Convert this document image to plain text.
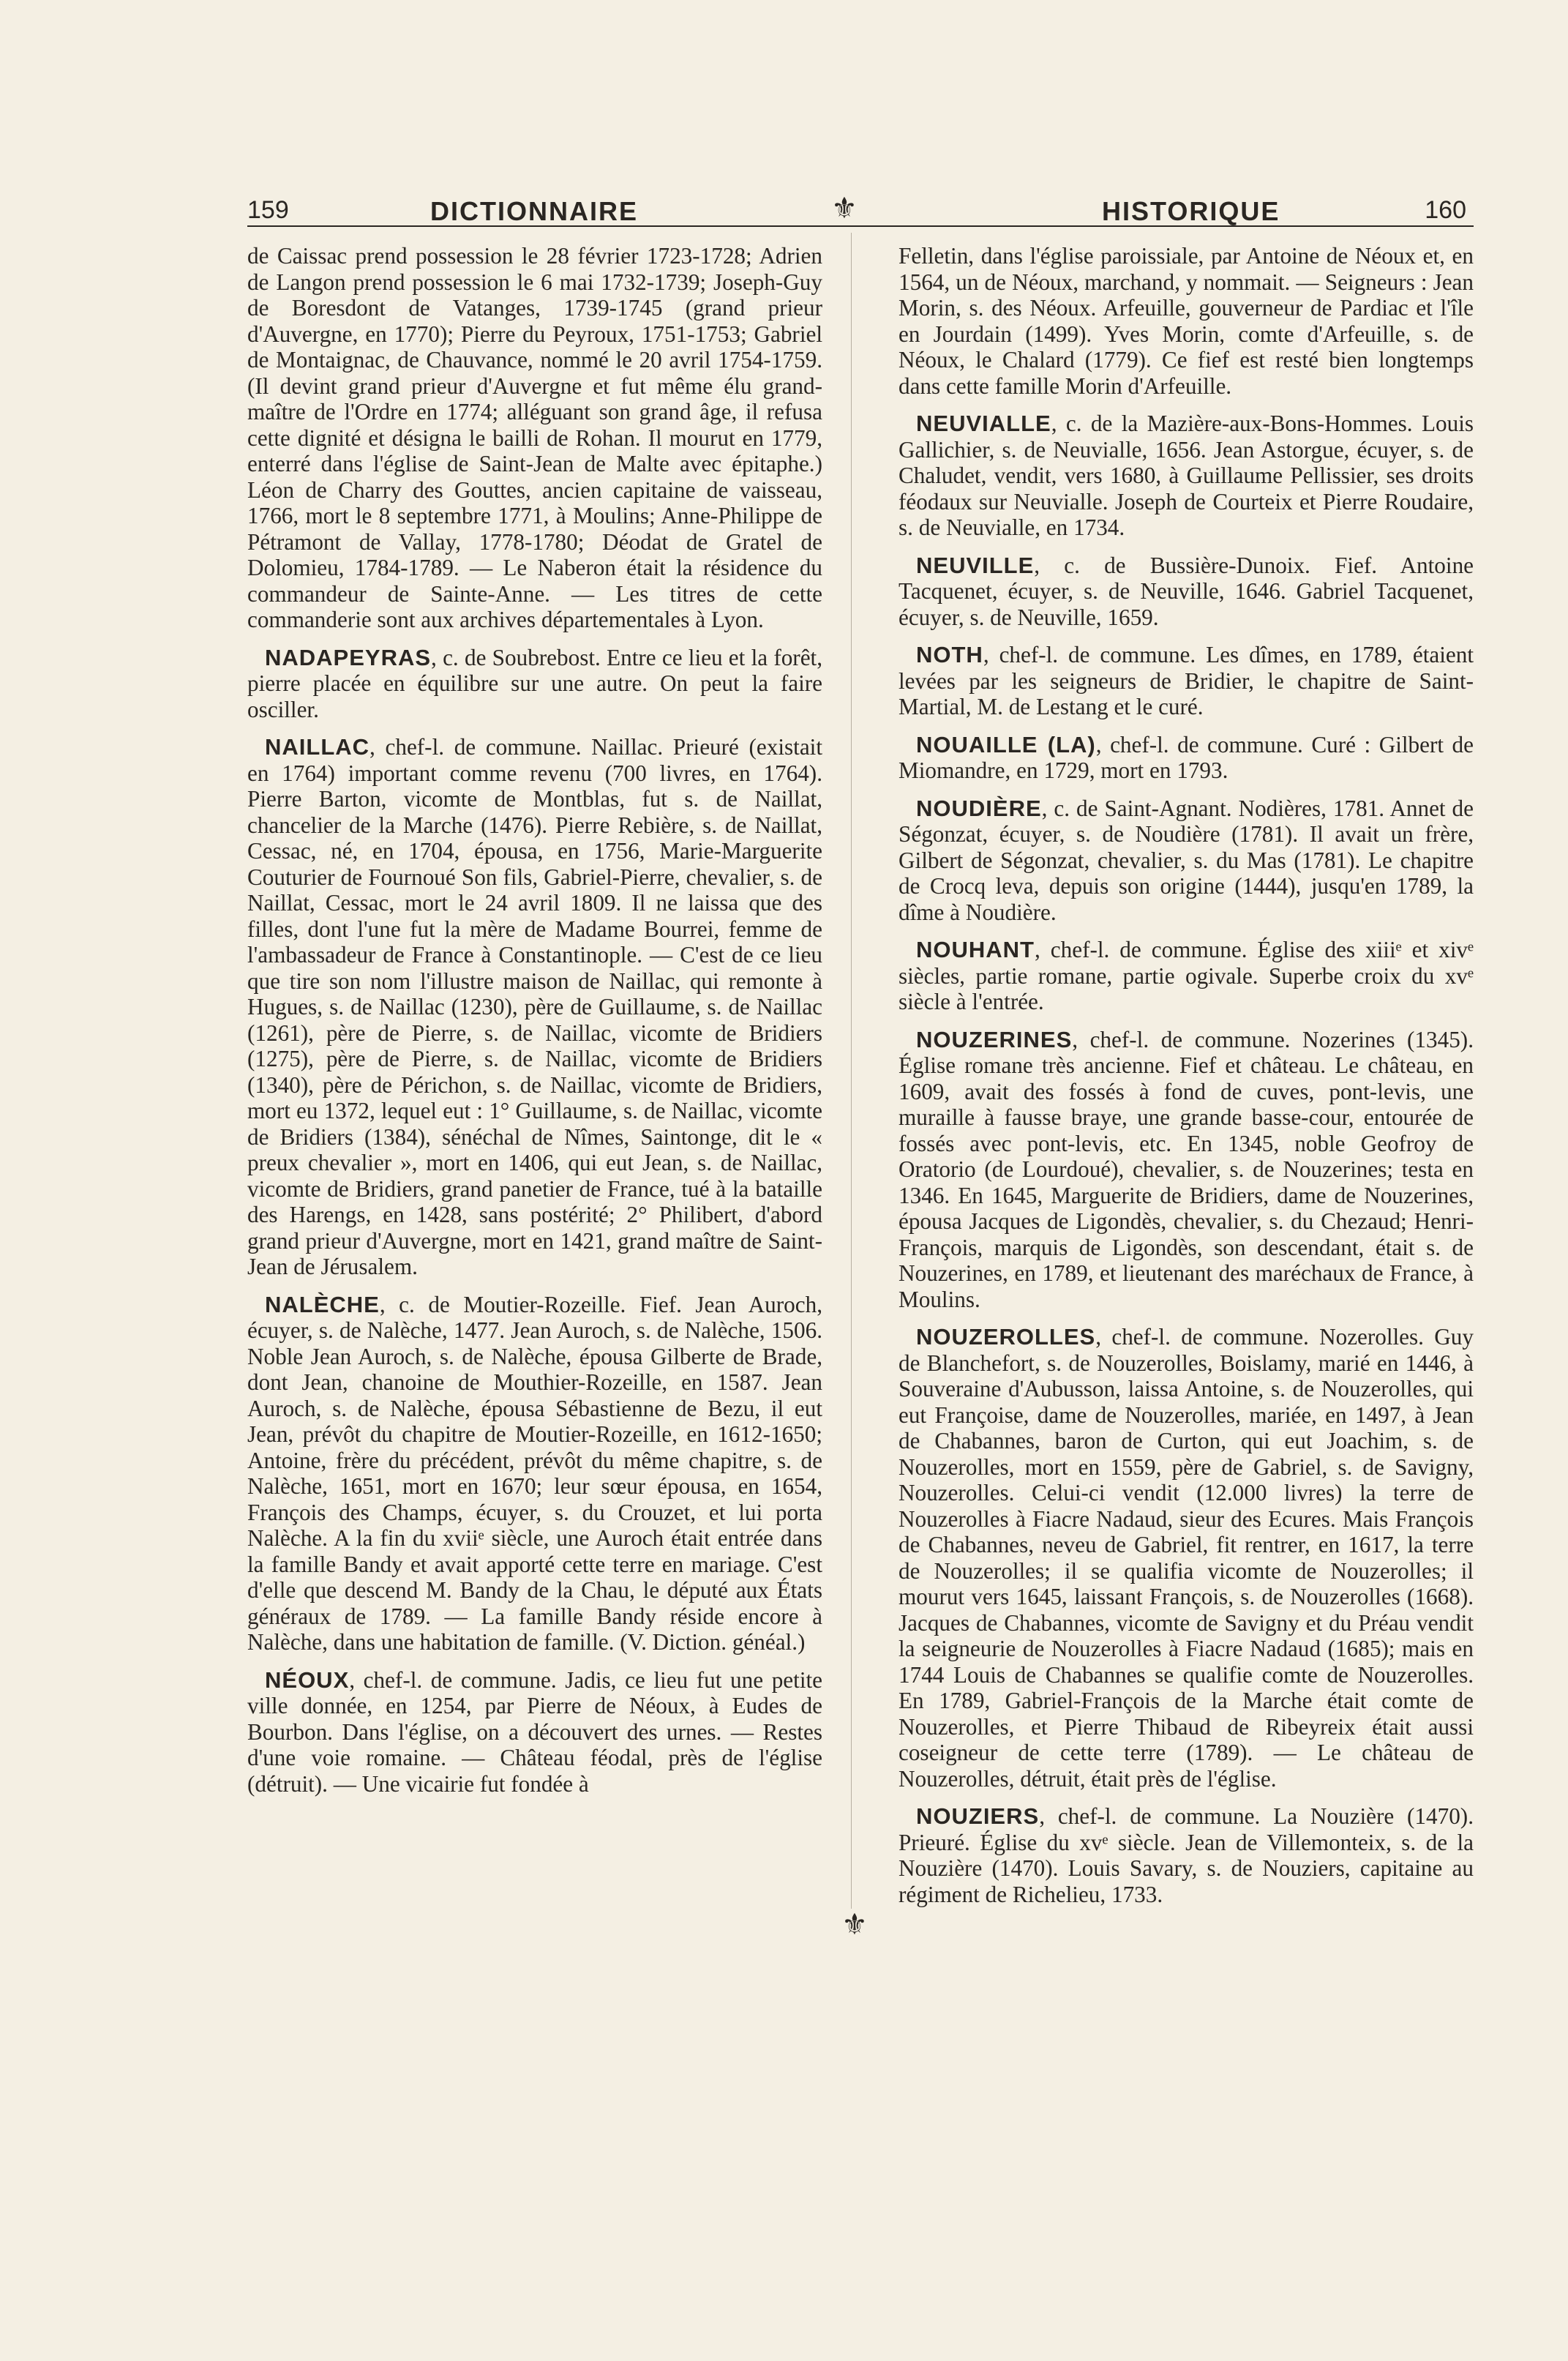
159	DICTIONNAIRE	⚜	HISTORIQUE	160

de Caissac prend possession le 28 février 1723-1728; Adrien de Langon prend possession le 6 mai 1732-1739; Joseph-Guy de Boresdont de Vatanges, 1739-1745 (grand prieur d'Auvergne, en 1770); Pierre du Peyroux, 1751-1753; Gabriel de Montaignac, de Chauvance, nommé le 20 avril 1754-1759. (Il devint grand prieur d'Auvergne et fut même élu grand-maître de l'Ordre en 1774; alléguant son grand âge, il refusa cette dignité et désigna le bailli de Rohan. Il mourut en 1779, enterré dans l'église de Saint-Jean de Malte avec épitaphe.) Léon de Charry des Gouttes, ancien capitaine de vaisseau, 1766, mort le 8 septembre 1771, à Moulins; Anne-Philippe de Pétramont de Vallay, 1778-1780; Déodat de Gratel de Dolomieu, 1784-1789. — Le Naberon était la résidence du commandeur de Sainte-Anne. — Les titres de cette commanderie sont aux archives départementales à Lyon.

NADAPEYRAS, c. de Soubrebost. Entre ce lieu et la forêt, pierre placée en équilibre sur une autre. On peut la faire osciller.

NAILLAC, chef-l. de commune. Naillac. Prieuré (existait en 1764) important comme revenu (700 livres, en 1764). Pierre Barton, vicomte de Montblas, fut s. de Naillat, chancelier de la Marche (1476). Pierre Rebière, s. de Naillat, Cessac, né, en 1704, épousa, en 1756, Marie-Marguerite Couturier de Fournoué Son fils, Gabriel-Pierre, chevalier, s. de Naillat, Cessac, mort le 24 avril 1809. Il ne laissa que des filles, dont l'une fut la mère de Madame Bourrei, femme de l'ambassadeur de France à Constantinople. — C'est de ce lieu que tire son nom l'illustre maison de Naillac, qui remonte à Hugues, s. de Naillac (1230), père de Guillaume, s. de Naillac (1261), père de Pierre, s. de Naillac, vicomte de Bridiers (1275), père de Pierre, s. de Naillac, vicomte de Bridiers (1340), père de Périchon, s. de Naillac, vicomte de Bridiers, mort eu 1372, lequel eut : 1° Guillaume, s. de Naillac, vicomte de Bridiers (1384), sénéchal de Nîmes, Saintonge, dit le « preux chevalier », mort en 1406, qui eut Jean, s. de Naillac, vicomte de Bridiers, grand panetier de France, tué à la bataille des Harengs, en 1428, sans postérité; 2° Philibert, d'abord grand prieur d'Auvergne, mort en 1421, grand maître de Saint-Jean de Jérusalem.

NALÈCHE, c. de Moutier-Rozeille. Fief. Jean Auroch, écuyer, s. de Nalèche, 1477. Jean Auroch, s. de Nalèche, 1506. Noble Jean Auroch, s. de Nalèche, épousa Gilberte de Brade, dont Jean, chanoine de Mouthier-Rozeille, en 1587. Jean Auroch, s. de Nalèche, épousa Sébastienne de Bezu, il eut Jean, prévôt du chapitre de Moutier-Rozeille, en 1612-1650; Antoine, frère du précédent, prévôt du même chapitre, s. de Nalèche, 1651, mort en 1670; leur sœur épousa, en 1654, François des Champs, écuyer, s. du Crouzet, et lui porta Nalèche. A la fin du xviiᵉ siècle, une Auroch était entrée dans la famille Bandy et avait apporté cette terre en mariage. C'est d'elle que descend M. Bandy de la Chau, le député aux États généraux de 1789. — La famille Bandy réside encore à Nalèche, dans une habitation de famille. (V. Diction. généal.)

NÉOUX, chef-l. de commune. Jadis, ce lieu fut une petite ville donnée, en 1254, par Pierre de Néoux, à Eudes de Bourbon. Dans l'église, on a découvert des urnes. — Restes d'une voie romaine. — Château féodal, près de l'église (détruit). — Une vicairie fut fondée à

Felletin, dans l'église paroissiale, par Antoine de Néoux et, en 1564, un de Néoux, marchand, y nommait. — Seigneurs : Jean Morin, s. des Néoux. Arfeuille, gouverneur de Pardiac et l'île en Jourdain (1499). Yves Morin, comte d'Arfeuille, s. de Néoux, le Chalard (1779). Ce fief est resté bien longtemps dans cette famille Morin d'Arfeuille.

NEUVIALLE, c. de la Mazière-aux-Bons-Hommes. Louis Gallichier, s. de Neuvialle, 1656. Jean Astorgue, écuyer, s. de Chaludet, vendit, vers 1680, à Guillaume Pellissier, ses droits féodaux sur Neuvialle. Joseph de Courteix et Pierre Roudaire, s. de Neuvialle, en 1734.

NEUVILLE, c. de Bussière-Dunoix. Fief. Antoine Tacquenet, écuyer, s. de Neuville, 1646. Gabriel Tacquenet, écuyer, s. de Neuville, 1659.

NOTH, chef-l. de commune. Les dîmes, en 1789, étaient levées par les seigneurs de Bridier, le chapitre de Saint-Martial, M. de Lestang et le curé.

NOUAILLE (LA), chef-l. de commune. Curé : Gilbert de Miomandre, en 1729, mort en 1793.

NOUDIÈRE, c. de Saint-Agnant. Nodières, 1781. Annet de Ségonzat, écuyer, s. de Noudière (1781). Il avait un frère, Gilbert de Ségonzat, chevalier, s. du Mas (1781). Le chapitre de Crocq leva, depuis son origine (1444), jusqu'en 1789, la dîme à Noudière.

NOUHANT, chef-l. de commune. Église des xiiiᵉ et xivᵉ siècles, partie romane, partie ogivale. Superbe croix du xvᵉ siècle à l'entrée.

NOUZERINES, chef-l. de commune. Nozerines (1345). Église romane très ancienne. Fief et château. Le château, en 1609, avait des fossés à fond de cuves, pont-levis, une muraille à fausse braye, une grande basse-cour, entourée de fossés avec pont-levis, etc. En 1345, noble Geofroy de Oratorio (de Lourdoué), chevalier, s. de Nouzerines; testa en 1346. En 1645, Marguerite de Bridiers, dame de Nouzerines, épousa Jacques de Ligondès, chevalier, s. du Chezaud; Henri-François, marquis de Ligondès, son descendant, était s. de Nouzerines, en 1789, et lieutenant des maréchaux de France, à Moulins.

NOUZEROLLES, chef-l. de commune. Nozerolles. Guy de Blanchefort, s. de Nouzerolles, Boislamy, marié en 1446, à Souveraine d'Aubusson, laissa Antoine, s. de Nouzerolles, qui eut Françoise, dame de Nouzerolles, mariée, en 1497, à Jean de Chabannes, baron de Curton, qui eut Joachim, s. de Nouzerolles, mort en 1559, père de Gabriel, s. de Savigny, Nouzerolles. Celui-ci vendit (12.000 livres) la terre de Nouzerolles à Fiacre Nadaud, sieur des Ecures. Mais François de Chabannes, neveu de Gabriel, fit rentrer, en 1617, la terre de Nouzerolles; il se qualifia vicomte de Nouzerolles; il mourut vers 1645, laissant François, s. de Nouzerolles (1668). Jacques de Chabannes, vicomte de Savigny et du Préau vendit la seigneurie de Nouzerolles à Fiacre Nadaud (1685); mais en 1744 Louis de Chabannes se qualifie comte de Nouzerolles. En 1789, Gabriel-François de la Marche était comte de Nouzerolles, et Pierre Thibaud de Ribeyreix était aussi coseigneur de cette terre (1789). — Le château de Nouzerolles, détruit, était près de l'église.

NOUZIERS, chef-l. de commune. La Nouzière (1470). Prieuré. Église du xvᵉ siècle. Jean de Villemonteix, s. de la Nouzière (1470). Louis Savary, s. de Nouziers, capitaine au régiment de Richelieu, 1733.

⚜
